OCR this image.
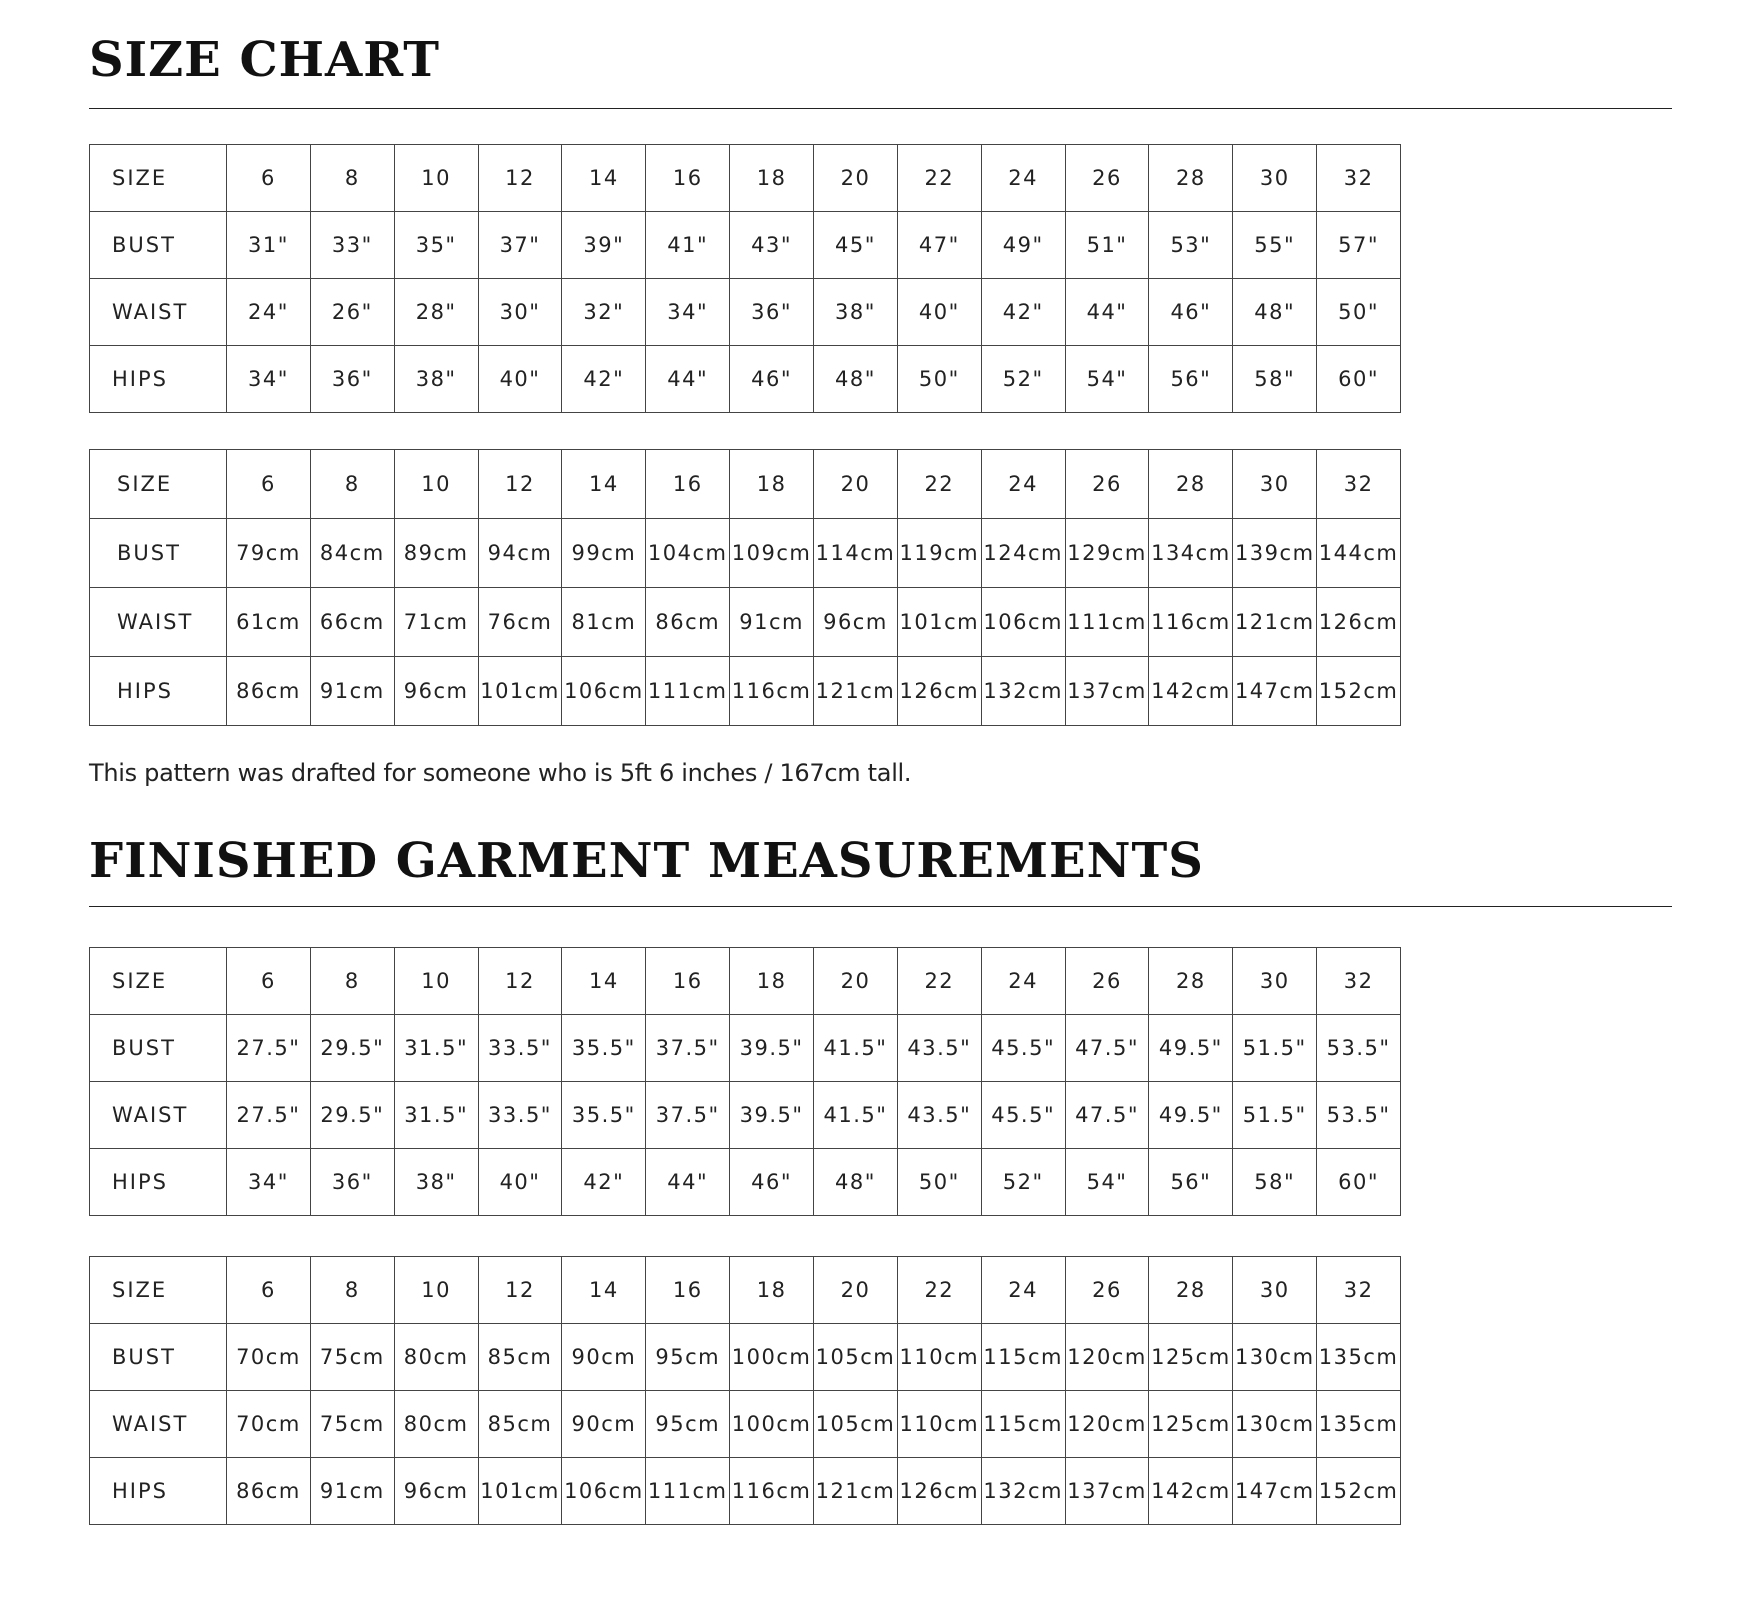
SIZE CHART
SIZE	6	8	10	12	14	16	18	20	22	24	26	28	30	32
BUST	31"	33"	35"	37"	39"	41"	43"	45"	47"	49"	51"	53"	55"	57"
WAIST	24"	26"	28"	30"	32"	34"	36"	38"	40"	42"	44"	46"	48"	50"
HIPS	34"	36"	38"	40"	42"	44"	46"	48"	50"	52"	54"	56"	58"	60"
SIZE	6	8	10	12	14	16	18	20	22	24	26	28	30	32
BUST	79cm	84cm	89cm	94cm	99cm	104cm	109cm	114cm	119cm	124cm	129cm	134cm	139cm	144cm
WAIST	61cm	66cm	71cm	76cm	81cm	86cm	91cm	96cm	101cm	106cm	111cm	116cm	121cm	126cm
HIPS	86cm	91cm	96cm	101cm	106cm	111cm	116cm	121cm	126cm	132cm	137cm	142cm	147cm	152cm

This pattern was drafted for someone who is 5ft 6 inches / 167cm tall.

FINISHED GARMENT MEASUREMENTS
SIZE	6	8	10	12	14	16	18	20	22	24	26	28	30	32
BUST	27.5"	29.5"	31.5"	33.5"	35.5"	37.5"	39.5"	41.5"	43.5"	45.5"	47.5"	49.5"	51.5"	53.5"
WAIST	27.5"	29.5"	31.5"	33.5"	35.5"	37.5"	39.5"	41.5"	43.5"	45.5"	47.5"	49.5"	51.5"	53.5"
HIPS	34"	36"	38"	40"	42"	44"	46"	48"	50"	52"	54"	56"	58"	60"
SIZE	6	8	10	12	14	16	18	20	22	24	26	28	30	32
BUST	70cm	75cm	80cm	85cm	90cm	95cm	100cm	105cm	110cm	115cm	120cm	125cm	130cm	135cm
WAIST	70cm	75cm	80cm	85cm	90cm	95cm	100cm	105cm	110cm	115cm	120cm	125cm	130cm	135cm
HIPS	86cm	91cm	96cm	101cm	106cm	111cm	116cm	121cm	126cm	132cm	137cm	142cm	147cm	152cm
